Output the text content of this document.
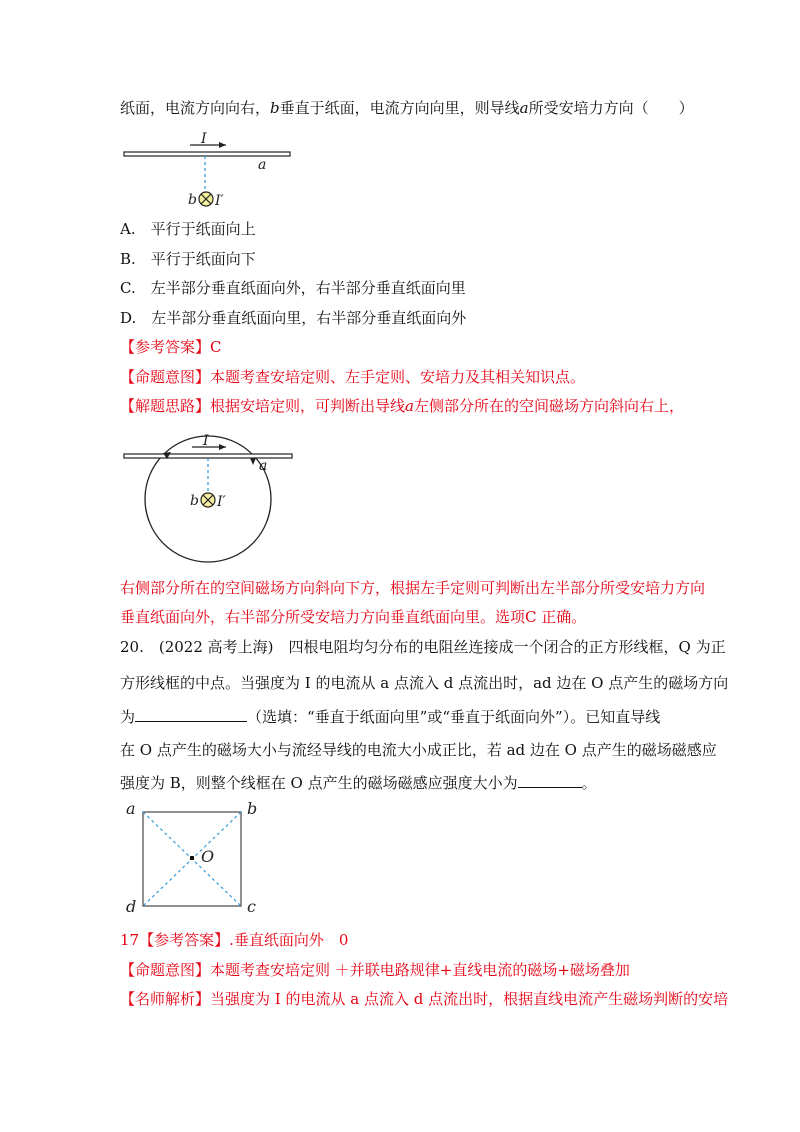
纸面，电流方向向右，b垂直于纸面，电流方向向里，则导线a所受安培力方向（　　）
I
a
b I′
A.　平行于纸面向上
B.　平行于纸面向下
C.　左半部分垂直纸面向外，右半部分垂直纸面向里
D.　左半部分垂直纸面向里，右半部分垂直纸面向外
【参考答案】C
【命题意图】本题考查安培定则、左手定则、安培力及其相关知识点。
【解题思路】根据安培定则，可判断出导线a左侧部分所在的空间磁场方向斜向右上，
I
a
b I′
右侧部分所在的空间磁场方向斜向下方，根据左手定则可判断出左半部分所受安培力方向
垂直纸面向外，右半部分所受安培力方向垂直纸面向里。选项C 正确。
20.　(2022 高考上海)　四根电阻均匀分布的电阻丝连接成一个闭合的正方形线框，Q 为正
方形线框的中点。当强度为 I 的电流从 a 点流入 d 点流出时，ad 边在 O 点产生的磁场方向
为	（选填：“垂直于纸面向里”或“垂直于纸面向外”）。已知直导线
在 O 点产生的磁场大小与流经导线的电流大小成正比，若 ad 边在 O 点产生的磁场磁感应
强度为 B，则整个线框在 O 点产生的磁场磁感应强度大小为	。
a	b
c
d
O
17【参考答案】.垂直纸面向外　0
【命题意图】本题考查安培定则 ＋并联电路规律+直线电流的磁场+磁场叠加
【名师解析】当强度为 I 的电流从 a 点流入 d 点流出时，根据直线电流产生磁场判断的安培
